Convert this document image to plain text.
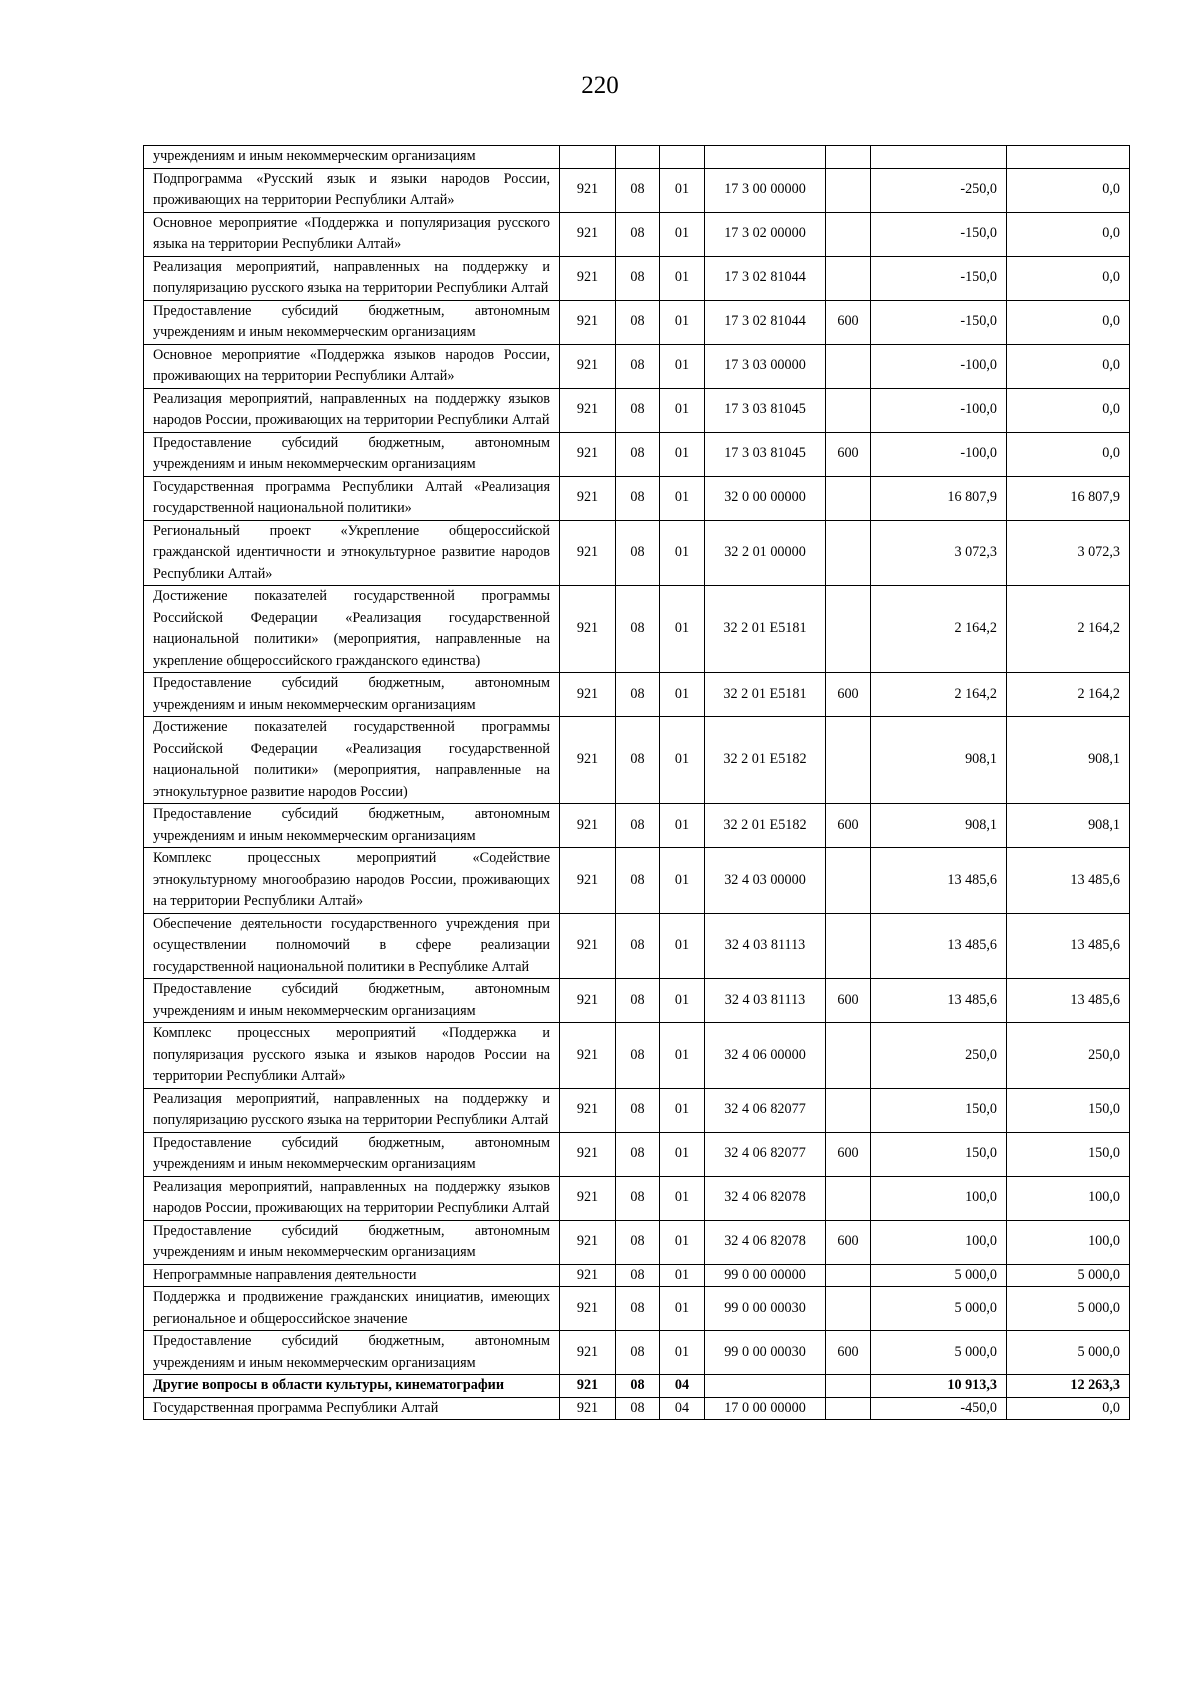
220
учреждениям и иным некоммерческим организациям							
Подпрограмма «Русский язык и языки народов России, проживающих на территории Республики Алтай»	921	08	01	17 3 00 00000		-250,0	0,0
Основное мероприятие «Поддержка и популяризация русского языка на территории Республики Алтай»	921	08	01	17 3 02 00000		-150,0	0,0
Реализация мероприятий, направленных на поддержку и популяризацию русского языка на территории Республики Алтай	921	08	01	17 3 02 81044		-150,0	0,0
Предоставление субсидий бюджетным, автономным учреждениям и иным некоммерческим организациям	921	08	01	17 3 02 81044	600	-150,0	0,0
Основное мероприятие «Поддержка языков народов России, проживающих на территории Республики Алтай»	921	08	01	17 3 03 00000		-100,0	0,0
Реализация мероприятий, направленных на поддержку языков народов России, проживающих на территории Республики Алтай	921	08	01	17 3 03 81045		-100,0	0,0
Предоставление субсидий бюджетным, автономным учреждениям и иным некоммерческим организациям	921	08	01	17 3 03 81045	600	-100,0	0,0
Государственная программа Республики Алтай «Реализация государственной национальной политики»	921	08	01	32 0 00 00000		16 807,9	16 807,9
Региональный проект «Укрепление общероссийской гражданской идентичности и этнокультурное развитие народов Республики Алтай»	921	08	01	32 2 01 00000		3 072,3	3 072,3
Достижение показателей государственной программы Российской Федерации «Реализация государственной национальной политики» (мероприятия, направленные на укрепление общероссийского гражданского единства)	921	08	01	32 2 01 E5181		2 164,2	2 164,2
Предоставление субсидий бюджетным, автономным учреждениям и иным некоммерческим организациям	921	08	01	32 2 01 E5181	600	2 164,2	2 164,2
Достижение показателей государственной программы Российской Федерации «Реализация государственной национальной политики» (мероприятия, направленные на этнокультурное развитие народов России)	921	08	01	32 2 01 E5182		908,1	908,1
Предоставление субсидий бюджетным, автономным учреждениям и иным некоммерческим организациям	921	08	01	32 2 01 E5182	600	908,1	908,1
Комплекс процессных мероприятий «Содействие этнокультурному многообразию народов России, проживающих на территории Республики Алтай»	921	08	01	32 4 03 00000		13 485,6	13 485,6
Обеспечение деятельности государственного учреждения при осуществлении полномочий в сфере реализации государственной национальной политики в Республике Алтай	921	08	01	32 4 03 81113		13 485,6	13 485,6
Предоставление субсидий бюджетным, автономным учреждениям и иным некоммерческим организациям	921	08	01	32 4 03 81113	600	13 485,6	13 485,6
Комплекс процессных мероприятий «Поддержка и популяризация русского языка и языков народов России на территории Республики Алтай»	921	08	01	32 4 06 00000		250,0	250,0
Реализация мероприятий, направленных на поддержку и популяризацию русского языка на территории Республики Алтай	921	08	01	32 4 06 82077		150,0	150,0
Предоставление субсидий бюджетным, автономным учреждениям и иным некоммерческим организациям	921	08	01	32 4 06 82077	600	150,0	150,0
Реализация мероприятий, направленных на поддержку языков народов России, проживающих на территории Республики Алтай	921	08	01	32 4 06 82078		100,0	100,0
Предоставление субсидий бюджетным, автономным учреждениям и иным некоммерческим организациям	921	08	01	32 4 06 82078	600	100,0	100,0
Непрограммные направления деятельности	921	08	01	99 0 00 00000		5 000,0	5 000,0
Поддержка и продвижение гражданских инициатив, имеющих региональное и общероссийское значение	921	08	01	99 0 00 00030		5 000,0	5 000,0
Предоставление субсидий бюджетным, автономным учреждениям и иным некоммерческим организациям	921	08	01	99 0 00 00030	600	5 000,0	5 000,0
Другие вопросы в области культуры, кинематографии	921	08	04			10 913,3	12 263,3
Государственная программа Республики Алтай	921	08	04	17 0 00 00000		-450,0	0,0
